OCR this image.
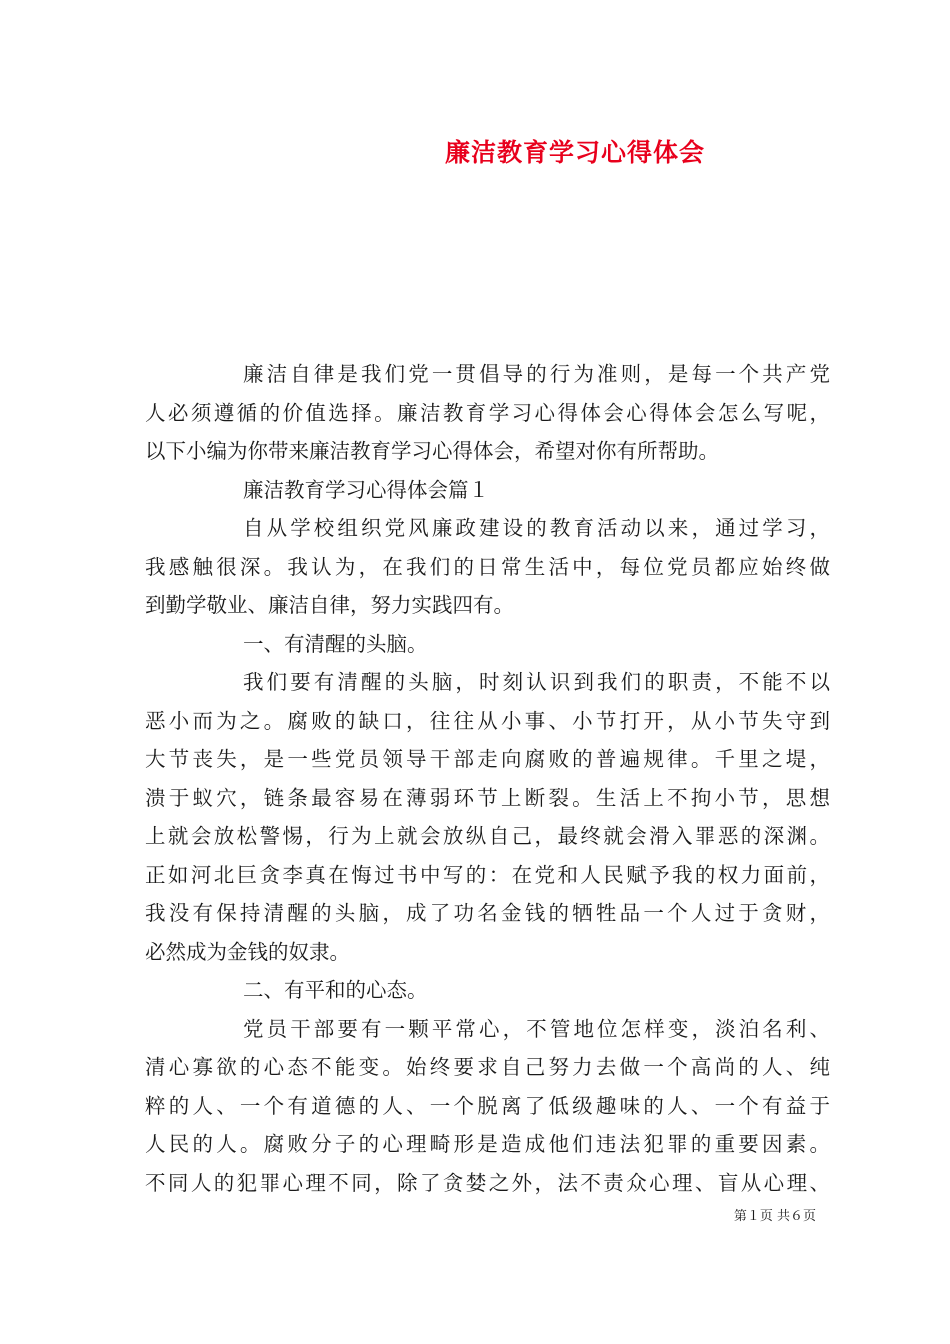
廉洁教育学习心得体会
廉洁自律是我们党一贯倡导的行为准则，是每一个共产党
人必须遵循的价值选择。廉洁教育学习心得体会心得体会怎么写呢，
以下小编为你带来廉洁教育学习心得体会，希望对你有所帮助。
廉洁教育学习心得体会篇１
自从学校组织党风廉政建设的教育活动以来，通过学习，
我感触很深。我认为，在我们的日常生活中，每位党员都应始终做
到勤学敬业、廉洁自律，努力实践四有。
一、有清醒的头脑。
我们要有清醒的头脑，时刻认识到我们的职责，不能不以
恶小而为之。腐败的缺口，往往从小事、小节打开，从小节失守到
大节丧失，是一些党员领导干部走向腐败的普遍规律。千里之堤，
溃于蚁穴，链条最容易在薄弱环节上断裂。生活上不拘小节，思想
上就会放松警惕，行为上就会放纵自己，最终就会滑入罪恶的深渊。
正如河北巨贪李真在悔过书中写的：在党和人民赋予我的权力面前，
我没有保持清醒的头脑，成了功名金钱的牺牲品一个人过于贪财，
必然成为金钱的奴隶。
二、有平和的心态。
党员干部要有一颗平常心，不管地位怎样变，淡泊名利、
清心寡欲的心态不能变。始终要求自己努力去做一个高尚的人、纯
粹的人、一个有道德的人、一个脱离了低级趣味的人、一个有益于
人民的人。腐败分子的心理畸形是造成他们违法犯罪的重要因素。
不同人的犯罪心理不同，除了贪婪之外，法不责众心理、盲从心理、
第１页 共６页
